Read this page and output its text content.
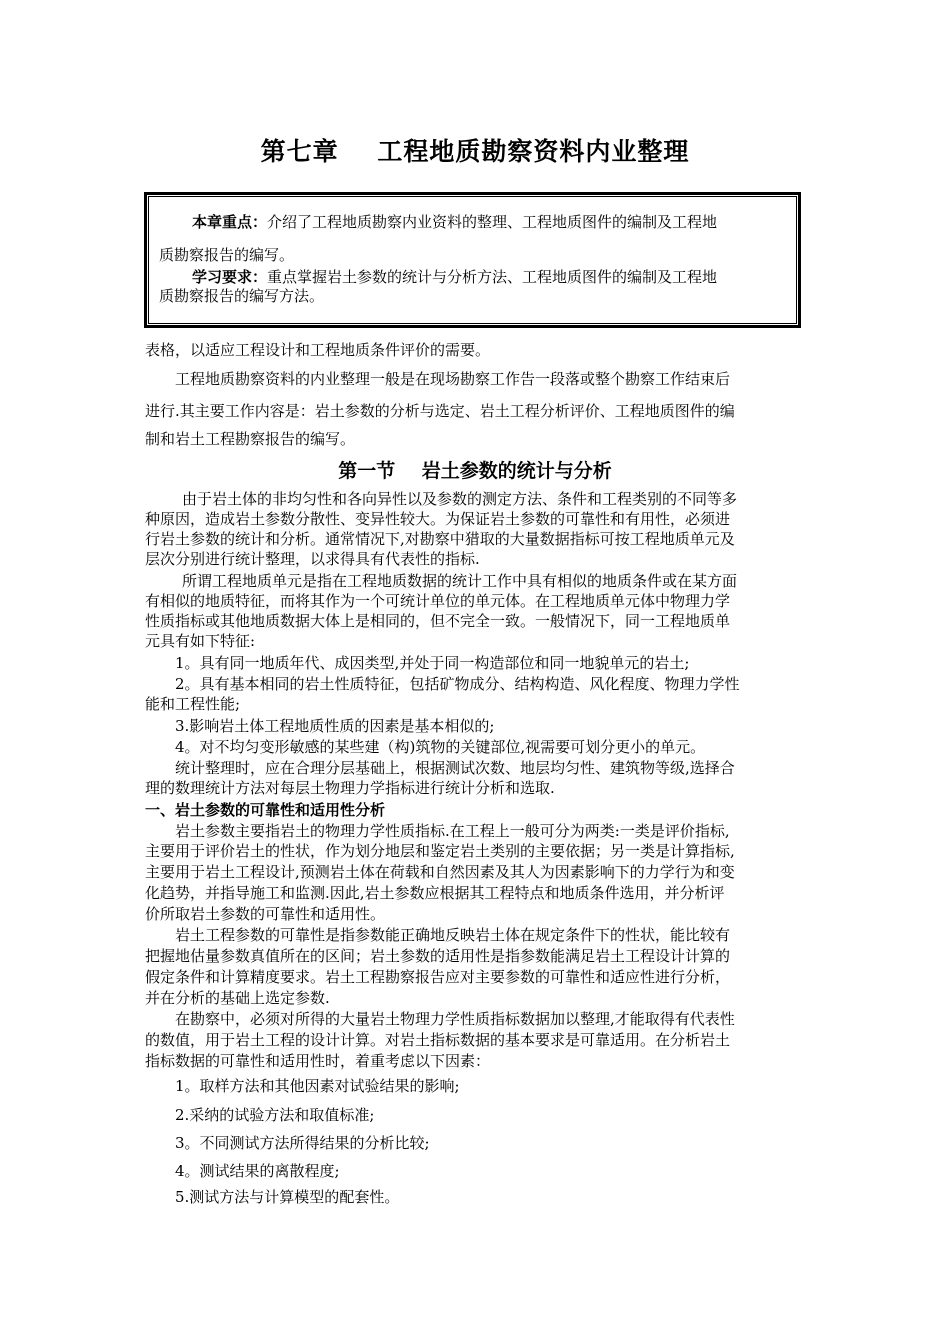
第七章    工程地质勘察资料内业整理
本章重点：介绍了工程地质勘察内业资料的整理、工程地质图件的编制及工程地
质勘察报告的编写。
学习要求：重点掌握岩土参数的统计与分析方法、工程地质图件的编制及工程地
质勘察报告的编写方法。
表格，以适应工程设计和工程地质条件评价的需要。
工程地质勘察资料的内业整理一般是在现场勘察工作告一段落或整个勘察工作结束后
进行.其主要工作内容是：岩土参数的分析与选定、岩土工程分析评价、工程地质图件的编
制和岩土工程勘察报告的编写。
第一节    岩土参数的统计与分析
由于岩土体的非均匀性和各向异性以及参数的测定方法、条件和工程类别的不同等多
种原因，造成岩土参数分散性、变异性较大。为保证岩土参数的可靠性和有用性，必须进
行岩土参数的统计和分析。通常情况下,对勘察中猎取的大量数据指标可按工程地质单元及
层次分别进行统计整理，以求得具有代表性的指标.
所谓工程地质单元是指在工程地质数据的统计工作中具有相似的地质条件或在某方面
有相似的地质特征，而将其作为一个可统计单位的单元体。在工程地质单元体中物理力学
性质指标或其他地质数据大体上是相同的，但不完全一致。一般情况下，同一工程地质单
元具有如下特征:
1。具有同一地质年代、成因类型,并处于同一构造部位和同一地貌单元的岩土;
2。具有基本相同的岩土性质特征，包括矿物成分、结构构造、风化程度、物理力学性
能和工程性能;
3.影响岩土体工程地质性质的因素是基本相似的;
4。对不均匀变形敏感的某些建（构)筑物的关键部位,视需要可划分更小的单元。
统计整理时，应在合理分层基础上，根据测试次数、地层均匀性、建筑物等级,选择合
理的数理统计方法对每层土物理力学指标进行统计分析和选取.
一、岩土参数的可靠性和适用性分析
岩土参数主要指岩土的物理力学性质指标.在工程上一般可分为两类:一类是评价指标,
主要用于评价岩土的性状，作为划分地层和鉴定岩土类别的主要依据；另一类是计算指标,
主要用于岩土工程设计,预测岩土体在荷载和自然因素及其人为因素影响下的力学行为和变
化趋势，并指导施工和监测.因此,岩土参数应根据其工程特点和地质条件选用，并分析评
价所取岩土参数的可靠性和适用性。
岩土工程参数的可靠性是指参数能正确地反映岩土体在规定条件下的性状，能比较有
把握地估量参数真值所在的区间；岩土参数的适用性是指参数能满足岩土工程设计计算的
假定条件和计算精度要求。岩土工程勘察报告应对主要参数的可靠性和适应性进行分析，
并在分析的基础上选定参数.
在勘察中，必须对所得的大量岩土物理力学性质指标数据加以整理,才能取得有代表性
的数值，用于岩土工程的设计计算。对岩土指标数据的基本要求是可靠适用。在分析岩土
指标数据的可靠性和适用性时，着重考虑以下因素：
1。取样方法和其他因素对试验结果的影响;
2.采纳的试验方法和取值标准;
3。不同测试方法所得结果的分析比较;
4。测试结果的离散程度;
5.测试方法与计算模型的配套性。
